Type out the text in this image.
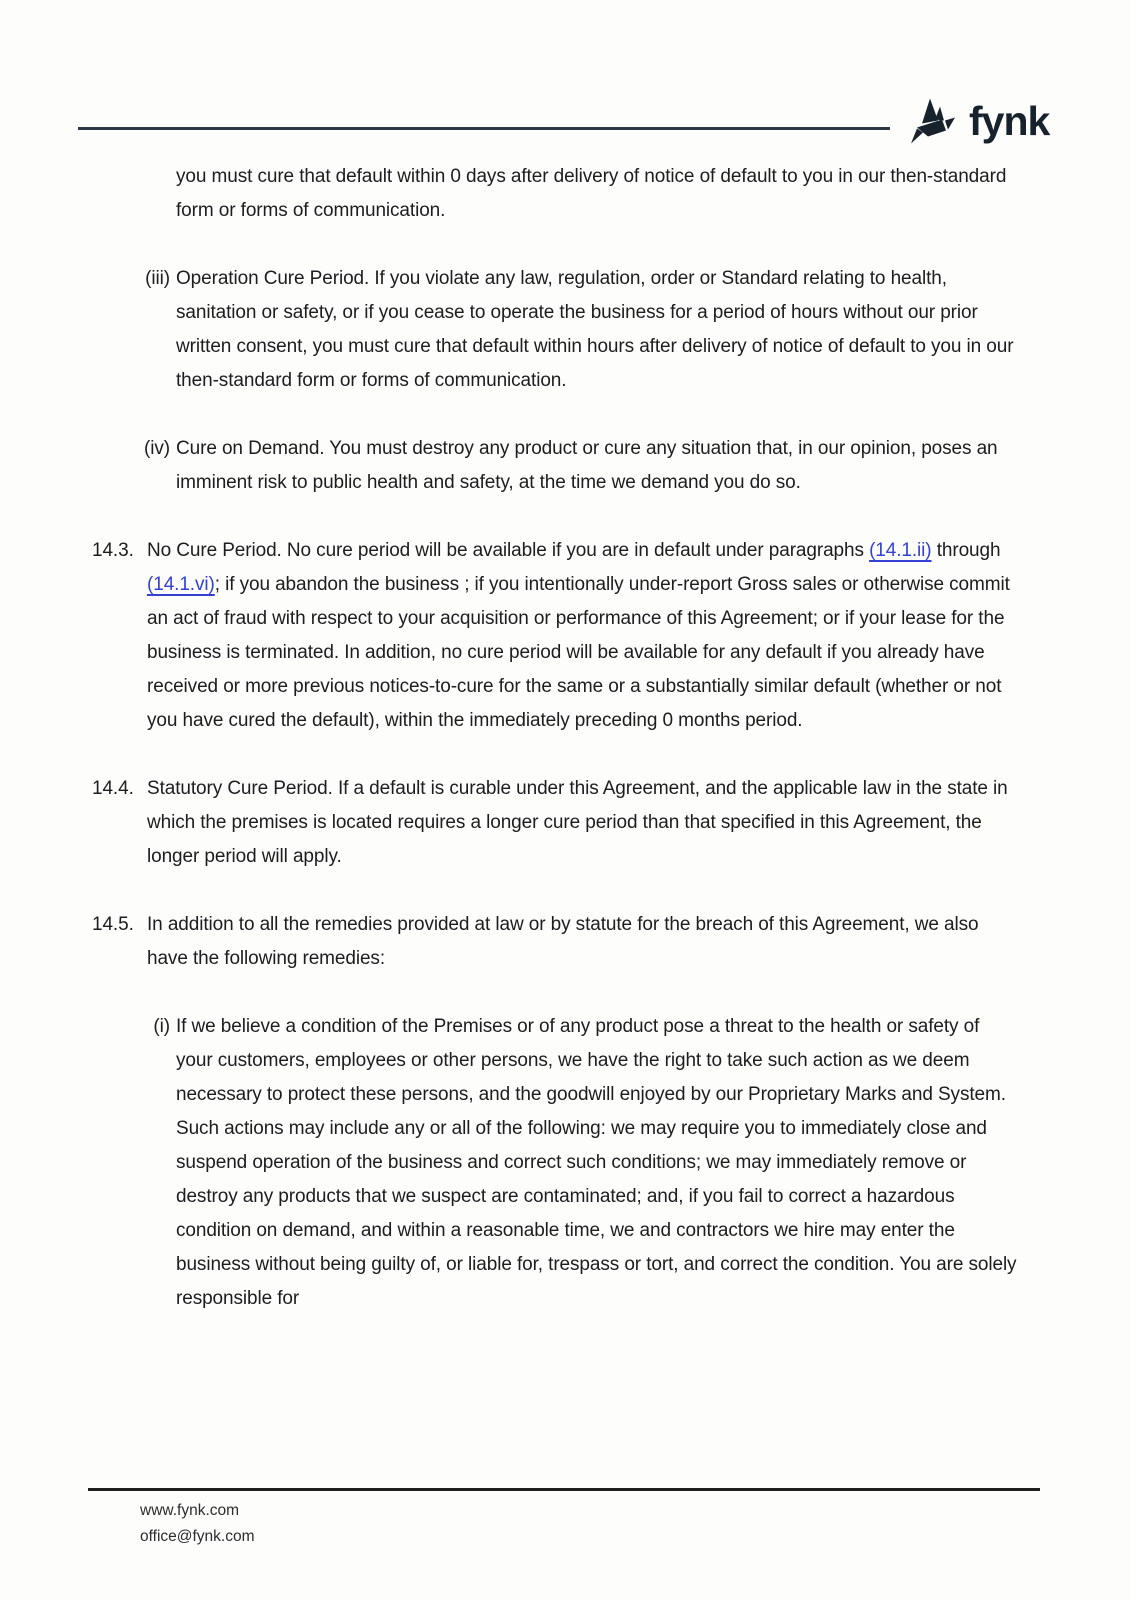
fynk
you must cure that default within 0 days after delivery of notice of default to you in our then-standard form or forms of communication.
(iii) Operation Cure Period. If you violate any law, regulation, order or Standard relating to health, sanitation or safety, or if you cease to operate the business for a period of hours without our prior written consent, you must cure that default within hours after delivery of notice of default to you in our then-standard form or forms of communication.
(iv) Cure on Demand. You must destroy any product or cure any situation that, in our opinion, poses an imminent risk to public health and safety, at the time we demand you do so.
14.3. No Cure Period. No cure period will be available if you are in default under paragraphs (14.1.ii) through (14.1.vi); if you abandon the business ; if you intentionally under-report Gross sales or otherwise commit an act of fraud with respect to your acquisition or performance of this Agreement; or if your lease for the business is terminated. In addition, no cure period will be available for any default if you already have received or more previous notices-to-cure for the same or a substantially similar default (whether or not you have cured the default), within the immediately preceding 0 months period.
14.4. Statutory Cure Period. If a default is curable under this Agreement, and the applicable law in the state in which the premises is located requires a longer cure period than that specified in this Agreement, the longer period will apply.
14.5. In addition to all the remedies provided at law or by statute for the breach of this Agreement, we also have the following remedies:
(i) If we believe a condition of the Premises or of any product pose a threat to the health or safety of your customers, employees or other persons, we have the right to take such action as we deem necessary to protect these persons, and the goodwill enjoyed by our Proprietary Marks and System. Such actions may include any or all of the following: we may require you to immediately close and suspend operation of the business and correct such conditions; we may immediately remove or destroy any products that we suspect are contaminated; and, if you fail to correct a hazardous condition on demand, and within a reasonable time, we and contractors we hire may enter the business without being guilty of, or liable for, trespass or tort, and correct the condition. You are solely responsible for
www.fynk.com
office@fynk.com
